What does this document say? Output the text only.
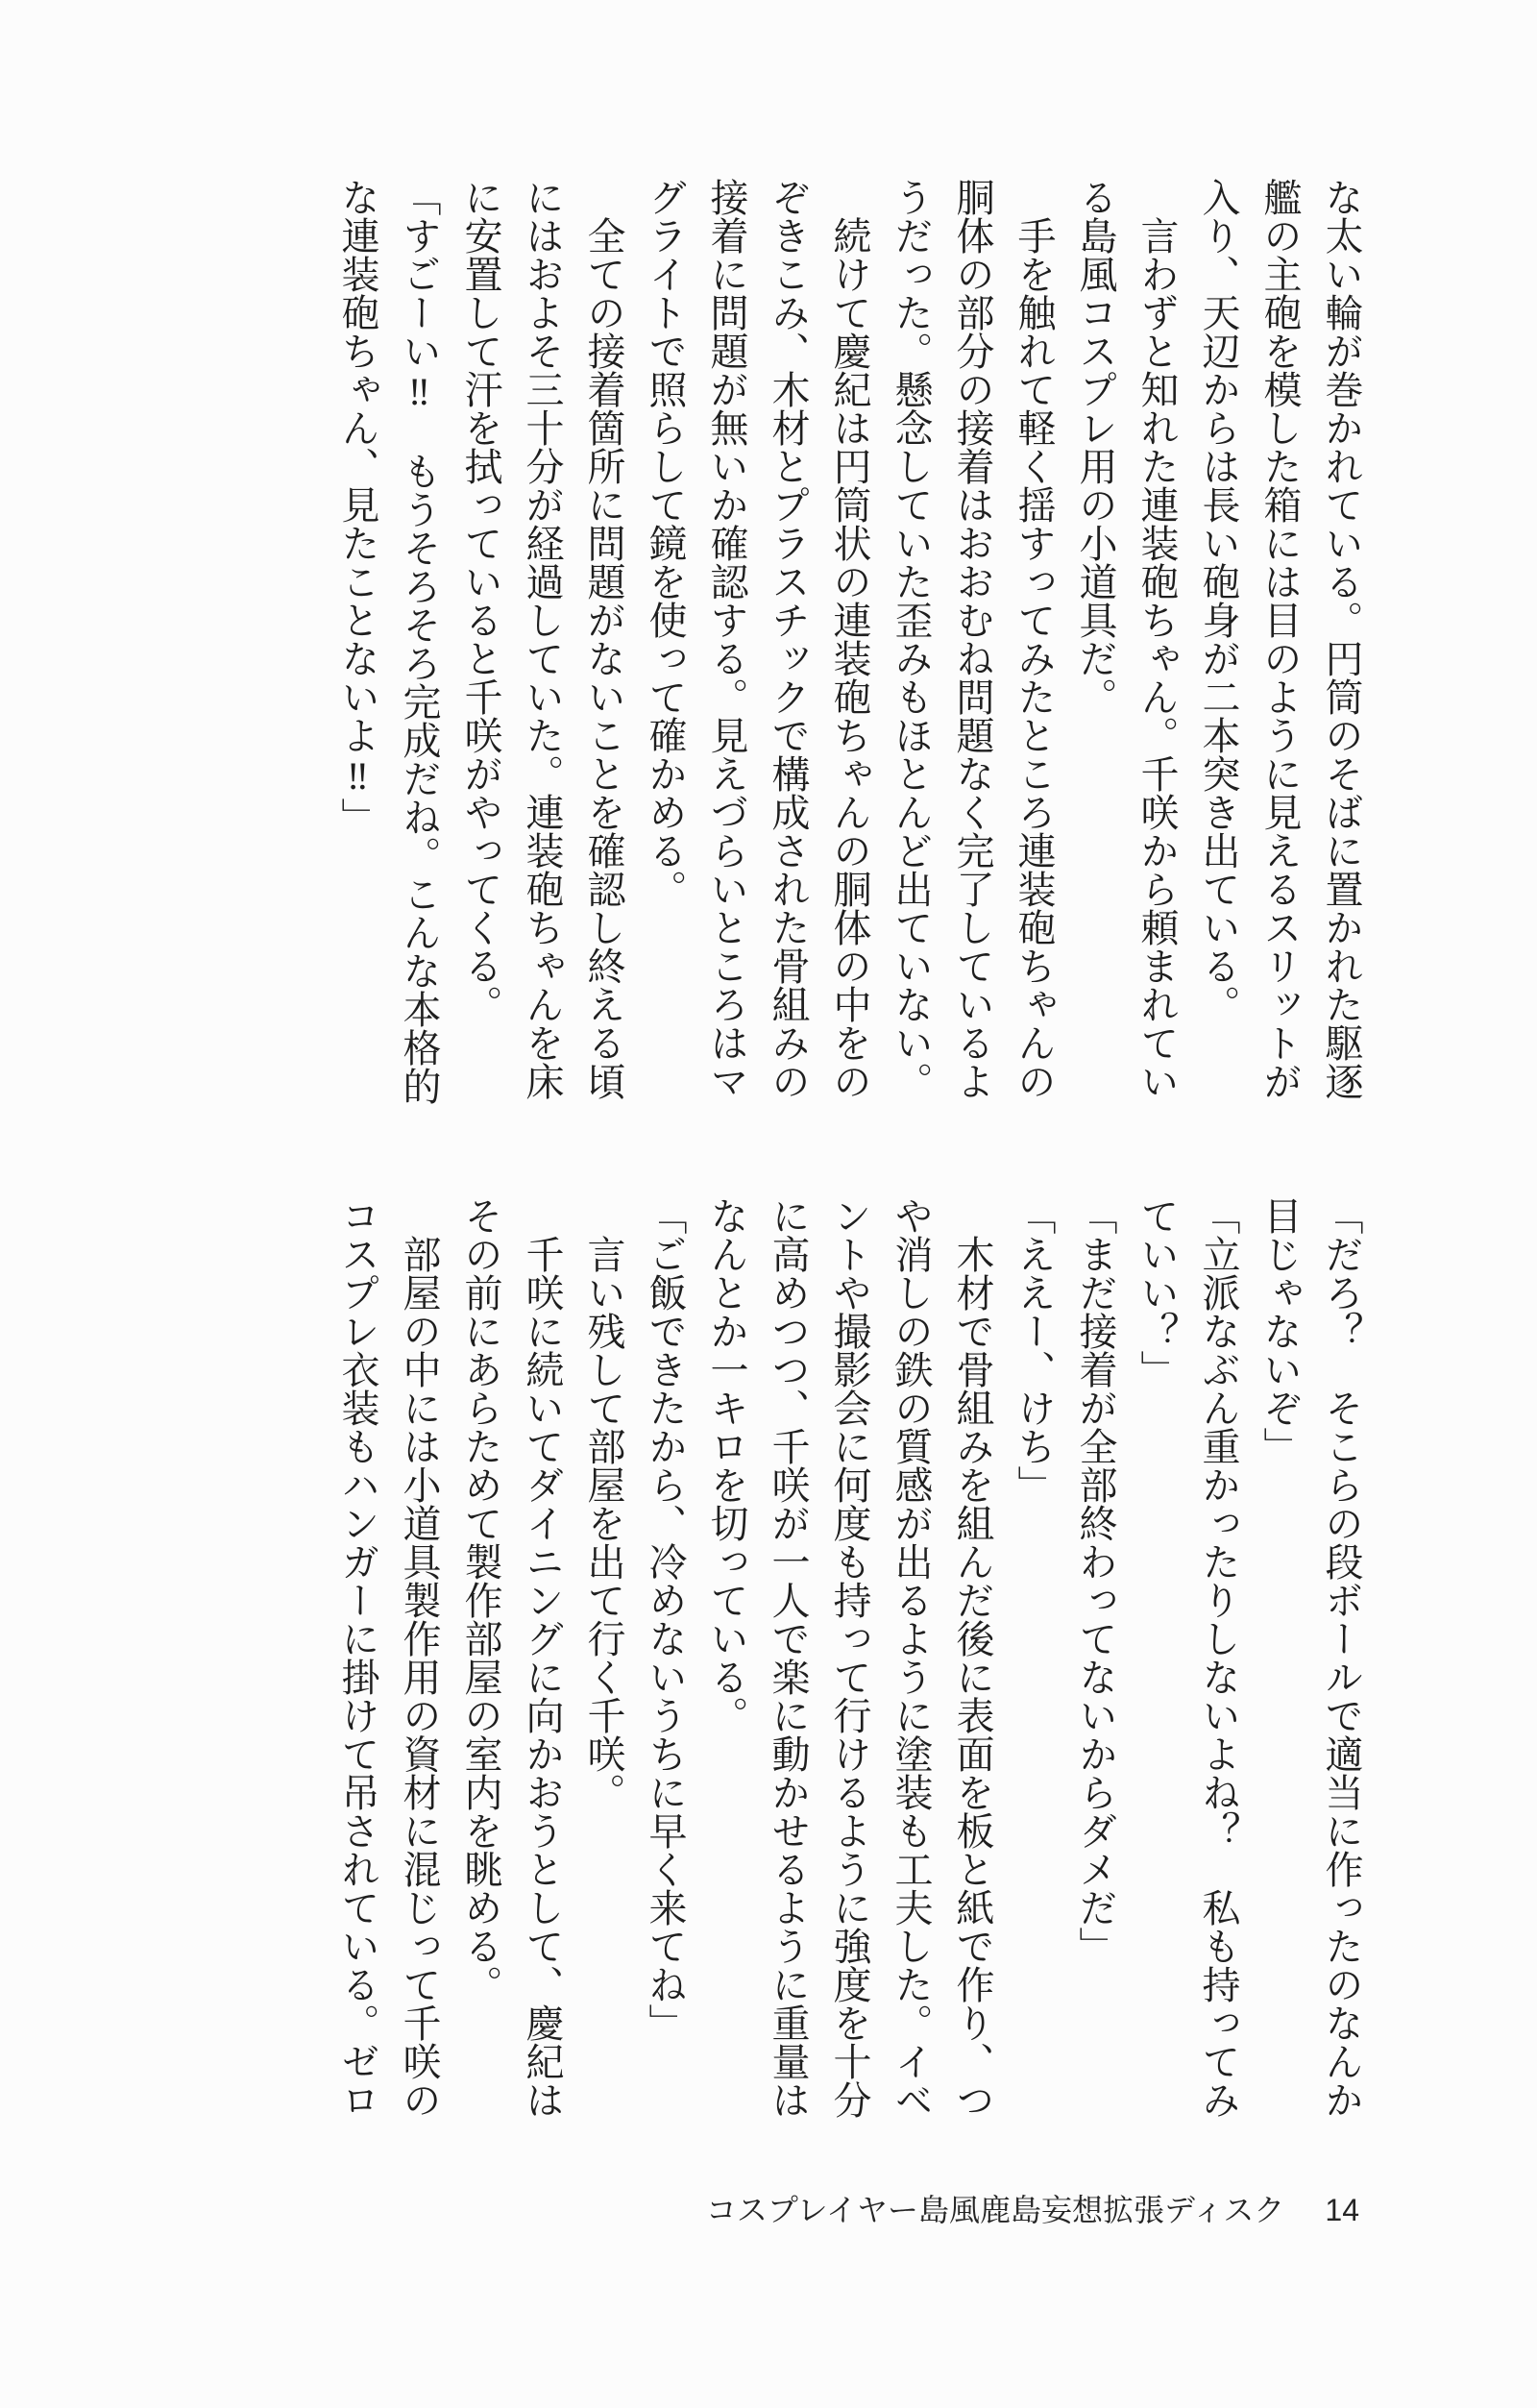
な太い輪が巻かれている。円筒のそばに置かれた駆逐

艦の主砲を模した箱には目のように見えるスリットが

入り、天辺からは長い砲身が二本突き出ている。

　言わずと知れた連装砲ちゃん。千咲から頼まれてい

る島風コスプレ用の小道具だ。

　手を触れて軽く揺すってみたところ連装砲ちゃんの

胴体の部分の接着はおおむね問題なく完了しているよ

うだった。懸念していた歪みもほとんど出ていない。

　続けて慶紀は円筒状の連装砲ちゃんの胴体の中をの

ぞきこみ、木材とプラスチックで構成された骨組みの

接着に問題が無いか確認する。見えづらいところはマ

グライトで照らして鏡を使って確かめる。

　全ての接着箇所に問題がないことを確認し終える頃

にはおよそ三十分が経過していた。連装砲ちゃんを床

に安置して汗を拭っていると千咲がやってくる。

「すごーい‼　もうそろそろ完成だね。こんな本格的

な連装砲ちゃん、見たことないよ‼」

「だろ？　そこらの段ボールで適当に作ったのなんか

目じゃないぞ」

「立派なぶん重かったりしないよね？　私も持ってみ

ていい？」

「まだ接着が全部終わってないからダメだ」

「ええー、けち」

　木材で骨組みを組んだ後に表面を板と紙で作り、つ

や消しの鉄の質感が出るように塗装も工夫した。イベ

ントや撮影会に何度も持って行けるように強度を十分

に高めつつ、千咲が一人で楽に動かせるように重量は

なんとか一キロを切っている。

「ご飯できたから、冷めないうちに早く来てね」

　言い残して部屋を出て行く千咲。

　千咲に続いてダイニングに向かおうとして、慶紀は

その前にあらためて製作部屋の室内を眺める。

　部屋の中には小道具製作用の資材に混じって千咲の

コスプレ衣装もハンガーに掛けて吊されている。ゼロ

コスプレイヤー島風鹿島妄想拡張ディスク 14
